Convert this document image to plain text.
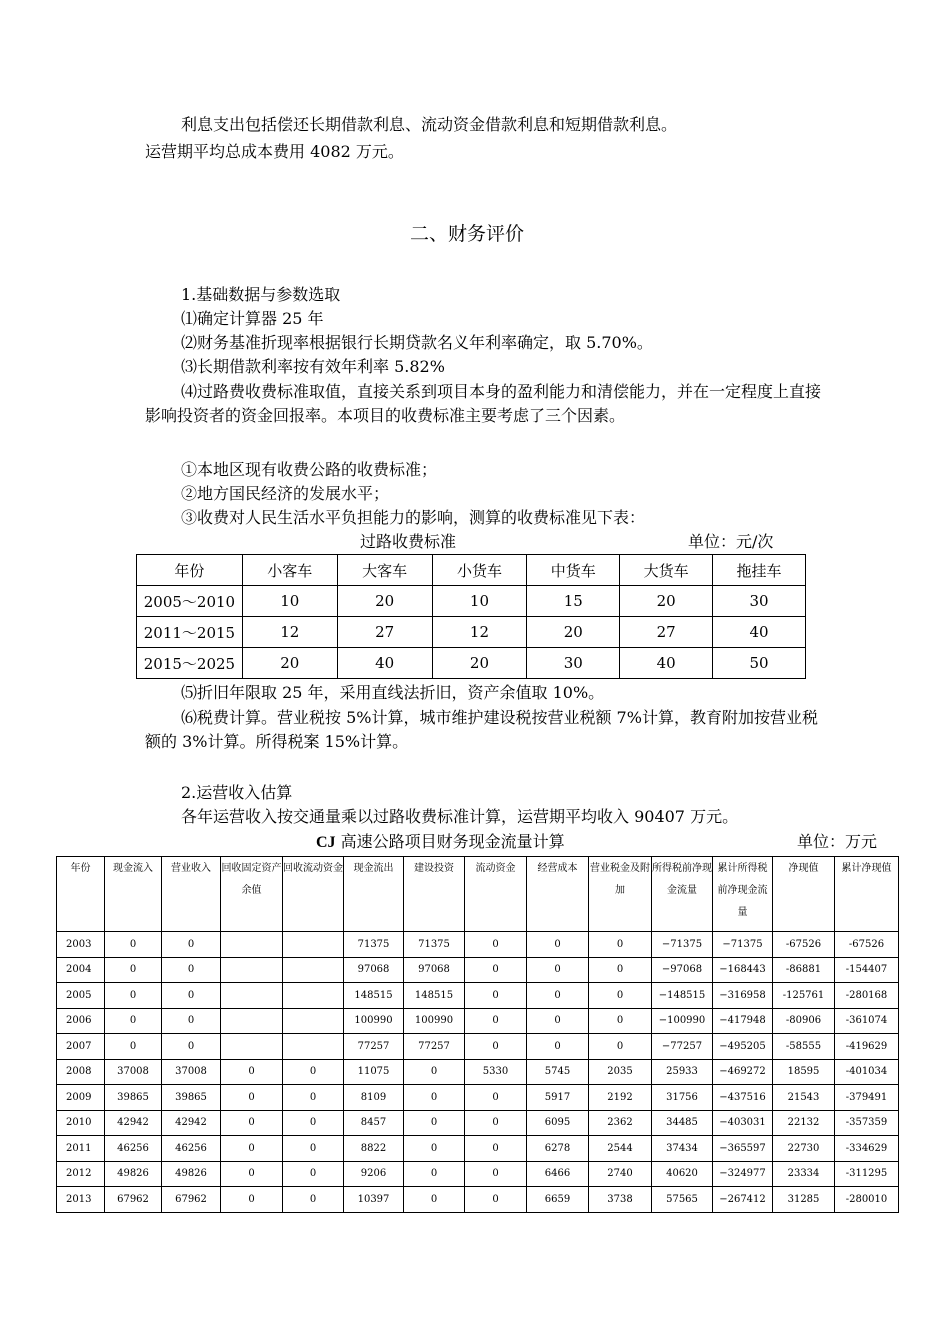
利息支出包括偿还长期借款利息、流动资金借款利息和短期借款利息。
运营期平均总成本费用 4082 万元。
二、财务评价
1.基础数据与参数选取
⑴确定计算器 25 年
⑵财务基准折现率根据银行长期贷款名义年利率确定，取 5.70%。
⑶长期借款利率按有效年利率 5.82%
⑷过路费收费标准取值，直接关系到项目本身的盈利能力和清偿能力，并在一定程度上直接影响投资者的资金回报率。本项目的收费标准主要考虑了三个因素。
①本地区现有收费公路的收费标准；
②地方国民经济的发展水平；
③收费对人民生活水平负担能力的影响，测算的收费标准见下表：
过路收费标准	单位：元/次
年份	小客车	大客车	小货车	中货车	大货车	拖挂车
2005～2010	10	20	10	15	20	30
2011～2015	12	27	12	20	27	40
2015～2025	20	40	20	30	40	50
⑸折旧年限取 25 年，采用直线法折旧，资产余值取 10%。
⑹税费计算。营业税按 5%计算，城市维护建设税按营业税额 7%计算，教育附加按营业税额的 3%计算。所得税案 15%计算。
2.运营收入估算
各年运营收入按交通量乘以过路收费标准计算，运营期平均收入 90407 万元。
CJ 高速公路项目财务现金流量计算	单位：万元
年份	现金流入	营业收入	回收固定资产余值	回收流动资金	现金流出	建设投资	流动资金	经营成本	营业税金及附加	所得税前净现金流量	累计所得税前净现金流量	净现值	累计净现值
2003	0	0			71375	71375	0	0	0	−71375	−71375	-67526	-67526
2004	0	0			97068	97068	0	0	0	−97068	−168443	-86881	-154407
2005	0	0			148515	148515	0	0	0	−148515	−316958	-125761	-280168
2006	0	0			100990	100990	0	0	0	−100990	−417948	-80906	-361074
2007	0	0			77257	77257	0	0	0	−77257	−495205	-58555	-419629
2008	37008	37008	0	0	11075	0	5330	5745	2035	25933	−469272	18595	-401034
2009	39865	39865	0	0	8109	0	0	5917	2192	31756	−437516	21543	-379491
2010	42942	42942	0	0	8457	0	0	6095	2362	34485	−403031	22132	-357359
2011	46256	46256	0	0	8822	0	0	6278	2544	37434	−365597	22730	-334629
2012	49826	49826	0	0	9206	0	0	6466	2740	40620	−324977	23334	-311295
2013	67962	67962	0	0	10397	0	0	6659	3738	57565	−267412	31285	-280010
